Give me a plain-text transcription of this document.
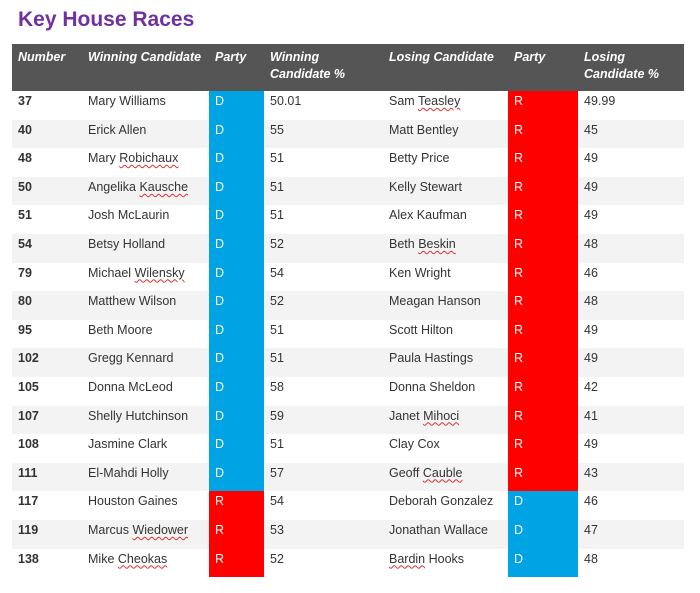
Key House Races
Number	Winning Candidate	Party	Winning Candidate %	Losing Candidate	Party	Losing Candidate %
37	Mary Williams	D	50.01	Sam Teasley	R	49.99
40	Erick Allen	D	55	Matt Bentley	R	45
48	Mary Robichaux	D	51	Betty Price	R	49
50	Angelika Kausche	D	51	Kelly Stewart	R	49
51	Josh McLaurin	D	51	Alex Kaufman	R	49
54	Betsy Holland	D	52	Beth Beskin	R	48
79	Michael Wilensky	D	54	Ken Wright	R	46
80	Matthew Wilson	D	52	Meagan Hanson	R	48
95	Beth Moore	D	51	Scott Hilton	R	49
102	Gregg Kennard	D	51	Paula Hastings	R	49
105	Donna McLeod	D	58	Donna Sheldon	R	42
107	Shelly Hutchinson	D	59	Janet Mihoci	R	41
108	Jasmine Clark	D	51	Clay Cox	R	49
111	El-Mahdi Holly	D	57	Geoff Cauble	R	43
117	Houston Gaines	R	54	Deborah Gonzalez	D	46
119	Marcus Wiedower	R	53	Jonathan Wallace	D	47
138	Mike Cheokas	R	52	Bardin Hooks	D	48
